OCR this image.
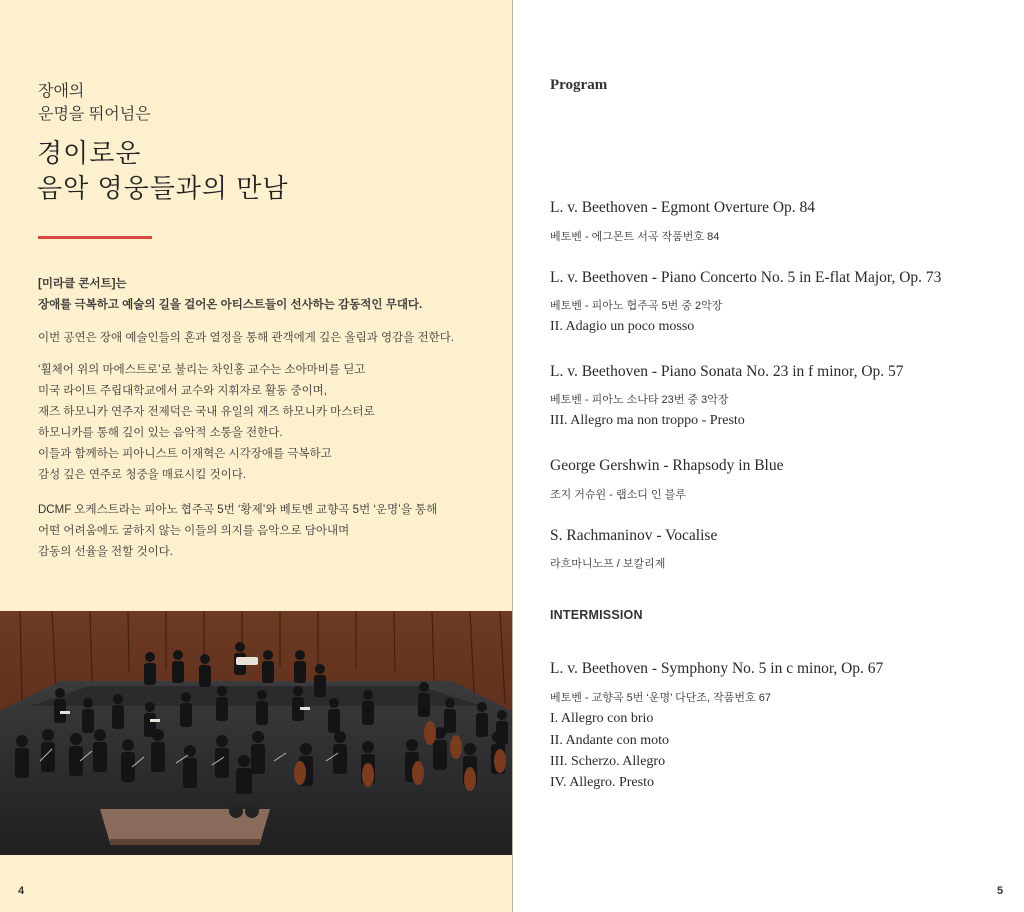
장애의
운명을 뛰어넘은
경이로운
음악 영웅들과의 만남

[미라클 콘서트]는

장애를 극복하고 예술의 길을 걸어온 아티스트들이 선사하는 감동적인 무대다.

이번 공연은 장애 예술인들의 혼과 열정을 통해 관객에게 깊은 울림과 영감을 전한다.

‘휠체어 위의 마에스트로’로 불리는 차인홍 교수는 소아마비를 딛고

미국 라이트 주립대학교에서 교수와 지휘자로 활동 중이며,

재즈 하모니카 연주자 전제덕은 국내 유일의 재즈 하모니카 마스터로

하모니카를 통해 깊이 있는 음악적 소통을 전한다.

이들과 함께하는 피아니스트 이재혁은 시각장애를 극복하고

감성 깊은 연주로 청중을 매료시킬 것이다.

DCMF 오케스트라는 피아노 협주곡 5번 ‘황제’와 베토벤 교향곡 5번 ‘운명’을 통해

어떤 어려움에도 굴하지 않는 이들의 의지를 음악으로 담아내며

감동의 선율을 전할 것이다.

4
Program
L. v. Beethoven - Egmont Overture Op. 84
베토벤 - 에그몬트 서곡 작품번호 84
L. v. Beethoven - Piano Concerto No. 5 in E-flat Major, Op. 73
베토벤 - 피아노 협주곡 5번 중 2악장
II. Adagio un poco mosso
L. v. Beethoven - Piano Sonata No. 23 in f minor, Op. 57
베토벤 - 피아노 소나타 23번 중 3악장
III. Allegro ma non troppo - Presto
George Gershwin - Rhapsody in Blue
조지 거슈윈 - 랩소디 인 블루
S. Rachmaninov - Vocalise
라흐마니노프 / 보칼리제
INTERMISSION
L. v. Beethoven - Symphony No. 5 in c minor, Op. 67
베토벤 - 교향곡 5번 ‘운명’ 다단조, 작품번호 67
I. Allegro con brio
II. Andante con moto
III. Scherzo. Allegro
IV. Allegro. Presto
5
